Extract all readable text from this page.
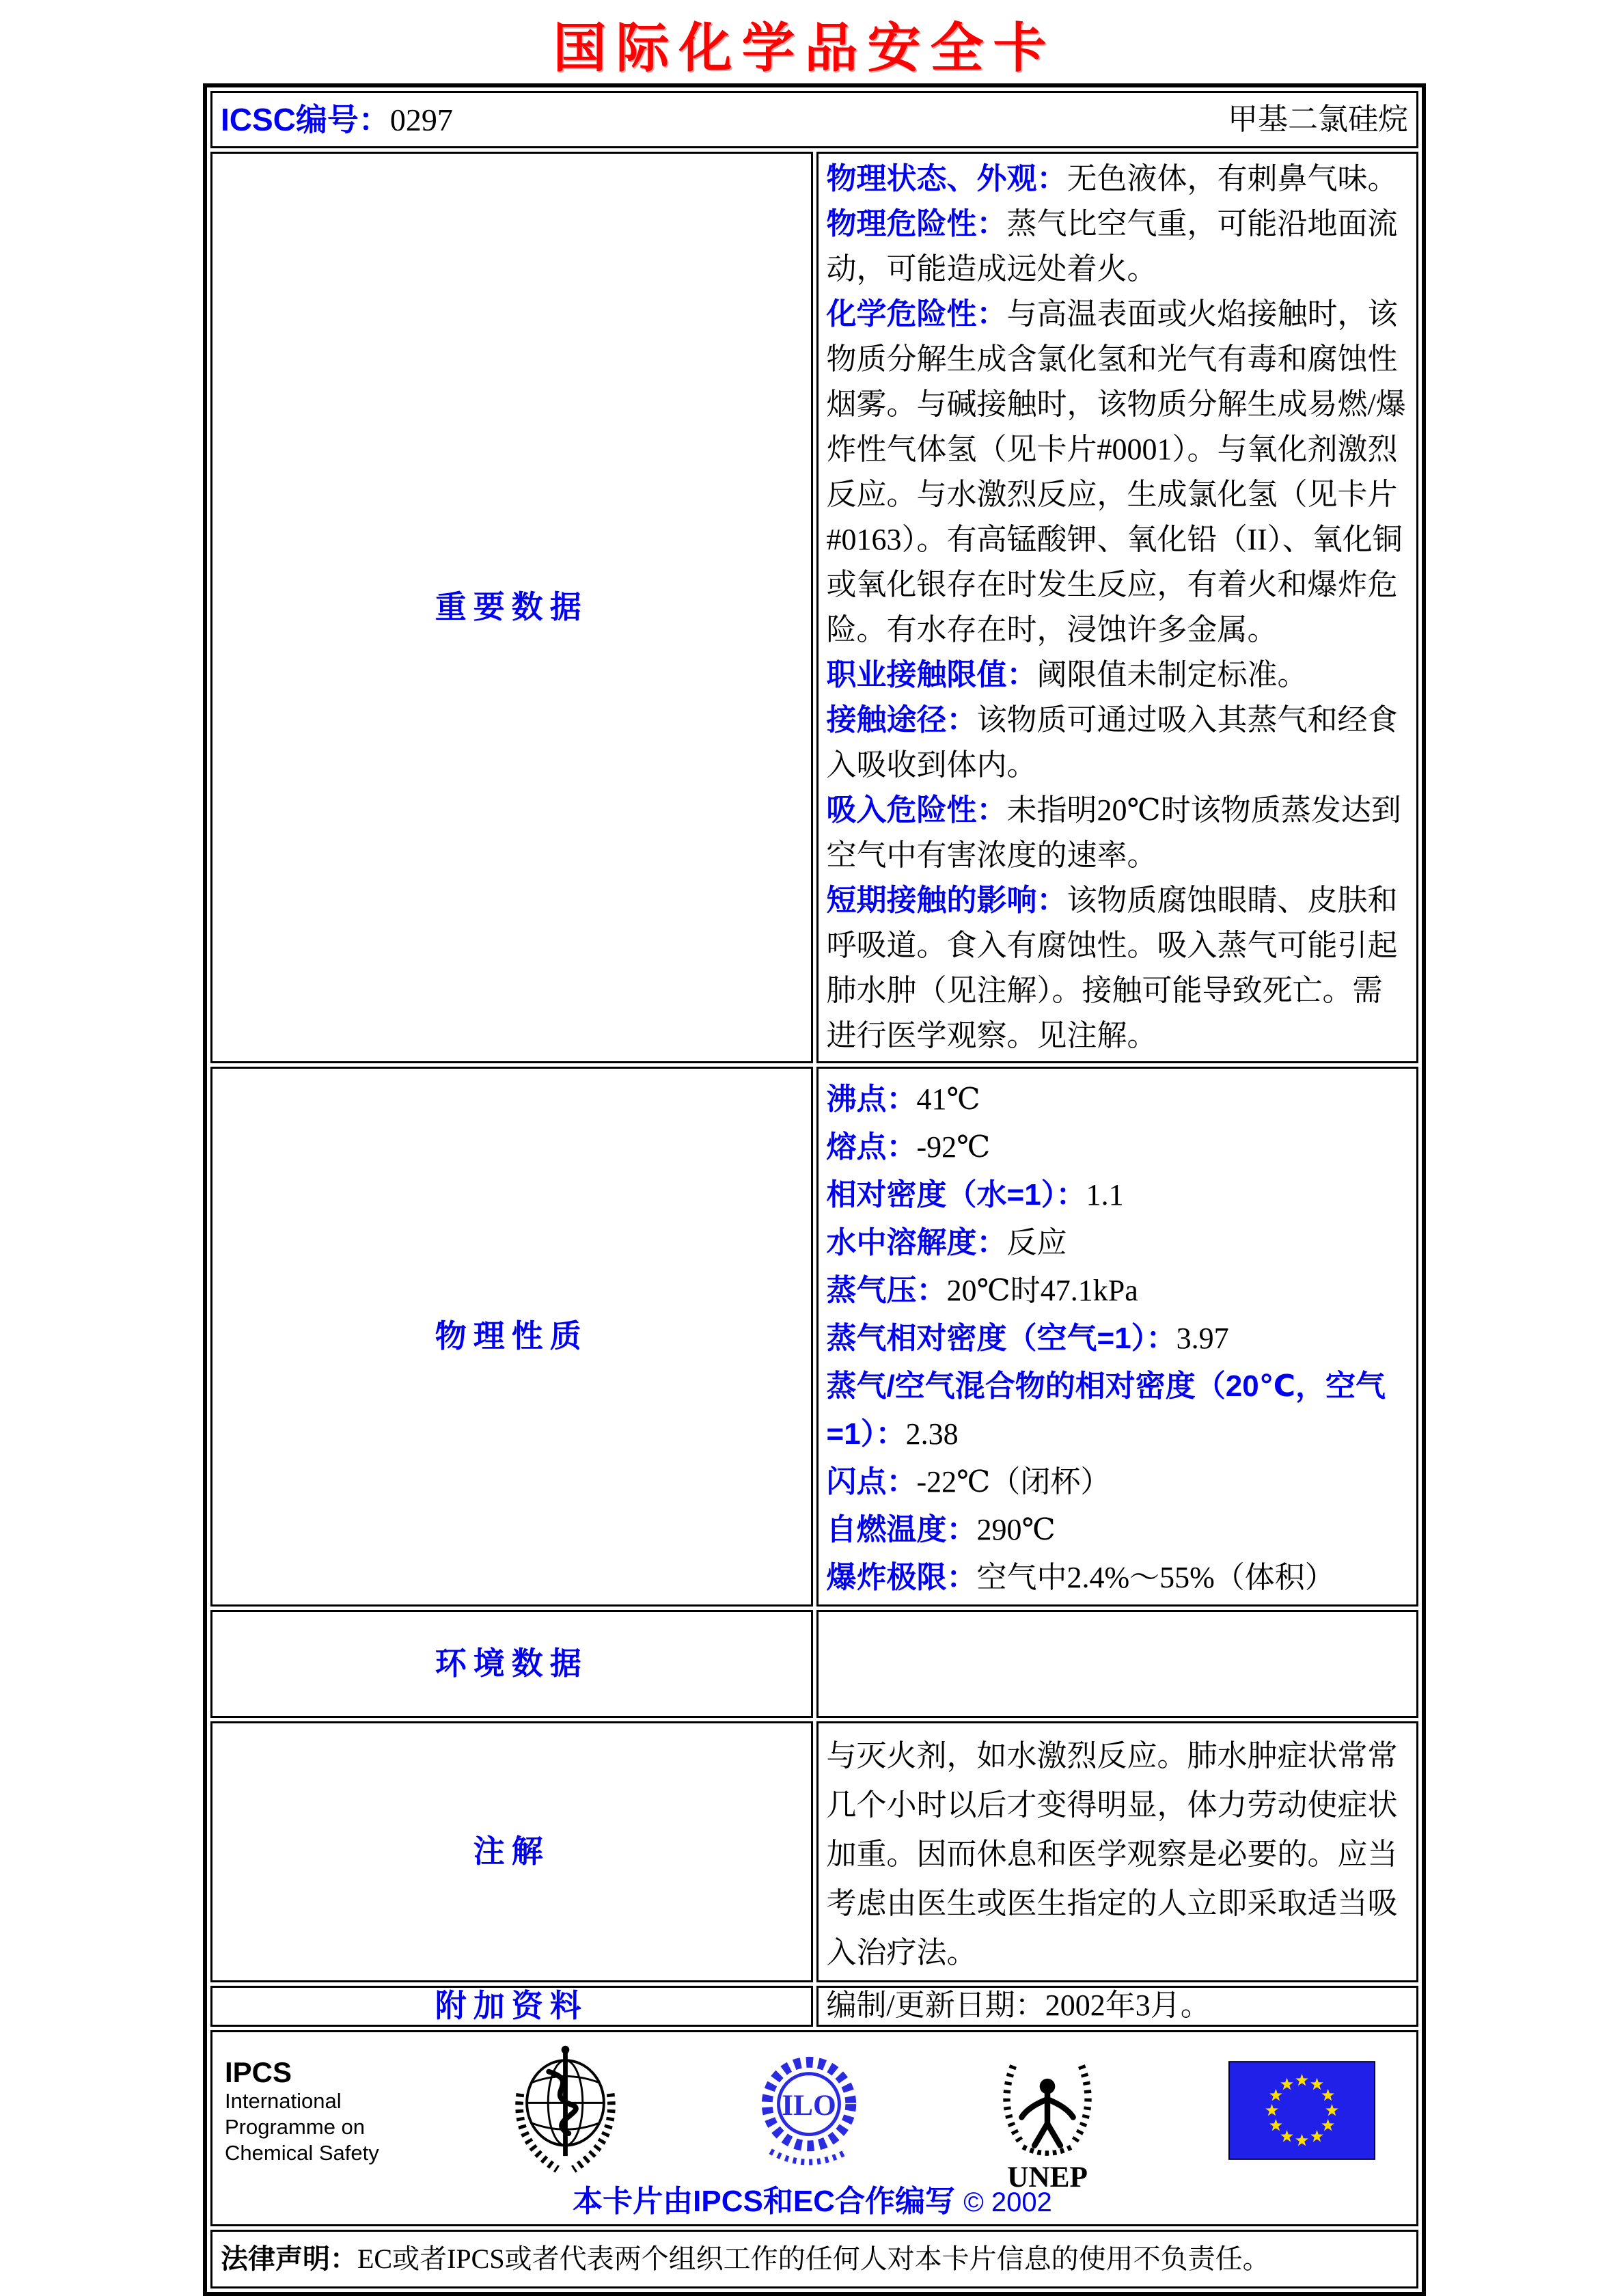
国际化学品安全卡
ICSC编号：0297 甲基二氯硅烷	

重要数据	
物理状态、外观：无色液体，有刺鼻气味。
物理危险性：蒸气比空气重，可能沿地面流动，可能造成远处着火。
化学危险性：与高温表面或火焰接触时，该物质分解生成含氯化氢和光气有毒和腐蚀性烟雾。与碱接触时，该物质分解生成易燃/爆炸性气体氢（见卡片#0001）。与氧化剂激烈反应。与水激烈反应，生成氯化氢（见卡片#0163）。有高锰酸钾、氧化铅（II）、氧化铜或氧化银存在时发生反应，有着火和爆炸危险。有水存在时，浸蚀许多金属。
职业接触限值：阈限值未制定标准。
接触途径：该物质可通过吸入其蒸气和经食入吸收到体内。
吸入危险性：未指明20℃时该物质蒸发达到空气中有害浓度的速率。
短期接触的影响：该物质腐蚀眼睛、皮肤和呼吸道。食入有腐蚀性。吸入蒸气可能引起肺水肿（见注解）。接触可能导致死亡。需进行医学观察。见注解。

物理性质	
沸点：41℃
熔点：-92℃
相对密度（水=1）：1.1
水中溶解度：反应
蒸气压：20℃时47.1kPa
蒸气相对密度（空气=1）：3.97
蒸气/空气混合物的相对密度（20℃，空气=1）：2.38
闪点：-22℃（闭杯）
自燃温度：290℃
爆炸极限：空气中2.4%～55%（体积）

环境数据	
注解	与灭火剂，如水激烈反应。肺水肿症状常常几个小时以后才变得明显，体力劳动使症状加重。因而休息和医学观察是必要的。应当考虑由医生或医生指定的人立即采取适当吸入治疗法。

附加资料	编制/更新日期：2002年3月。

IPCS
International
Programme on
Chemical Safety
ILO
UNEP
本卡片由IPCS和EC合作编写 © 2002

法律声明：EC或者IPCS或者代表两个组织工作的任何人对本卡片信息的使用不负责任。	
